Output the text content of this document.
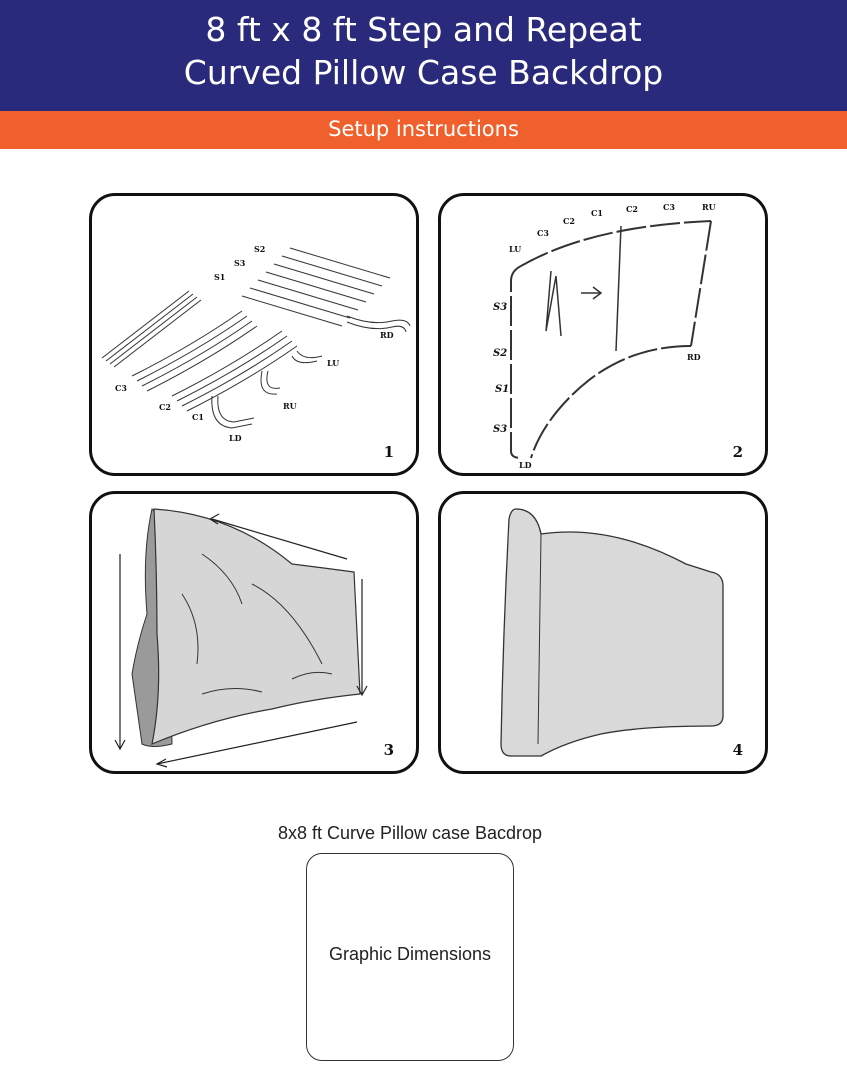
8 ft x 8 ft Step and Repeat
Curved Pillow Case Backdrop
Setup instructions
S2
S3
S1
RD
LU
C3
C2
C1
RU
LD
1
C1
C2
C3
RU
C2	C3
LU
S3
S2
S1
S3
RD
LD
2
3	4
8x8 ft Curve Pillow case Bacdrop
Graphic Dimensions
